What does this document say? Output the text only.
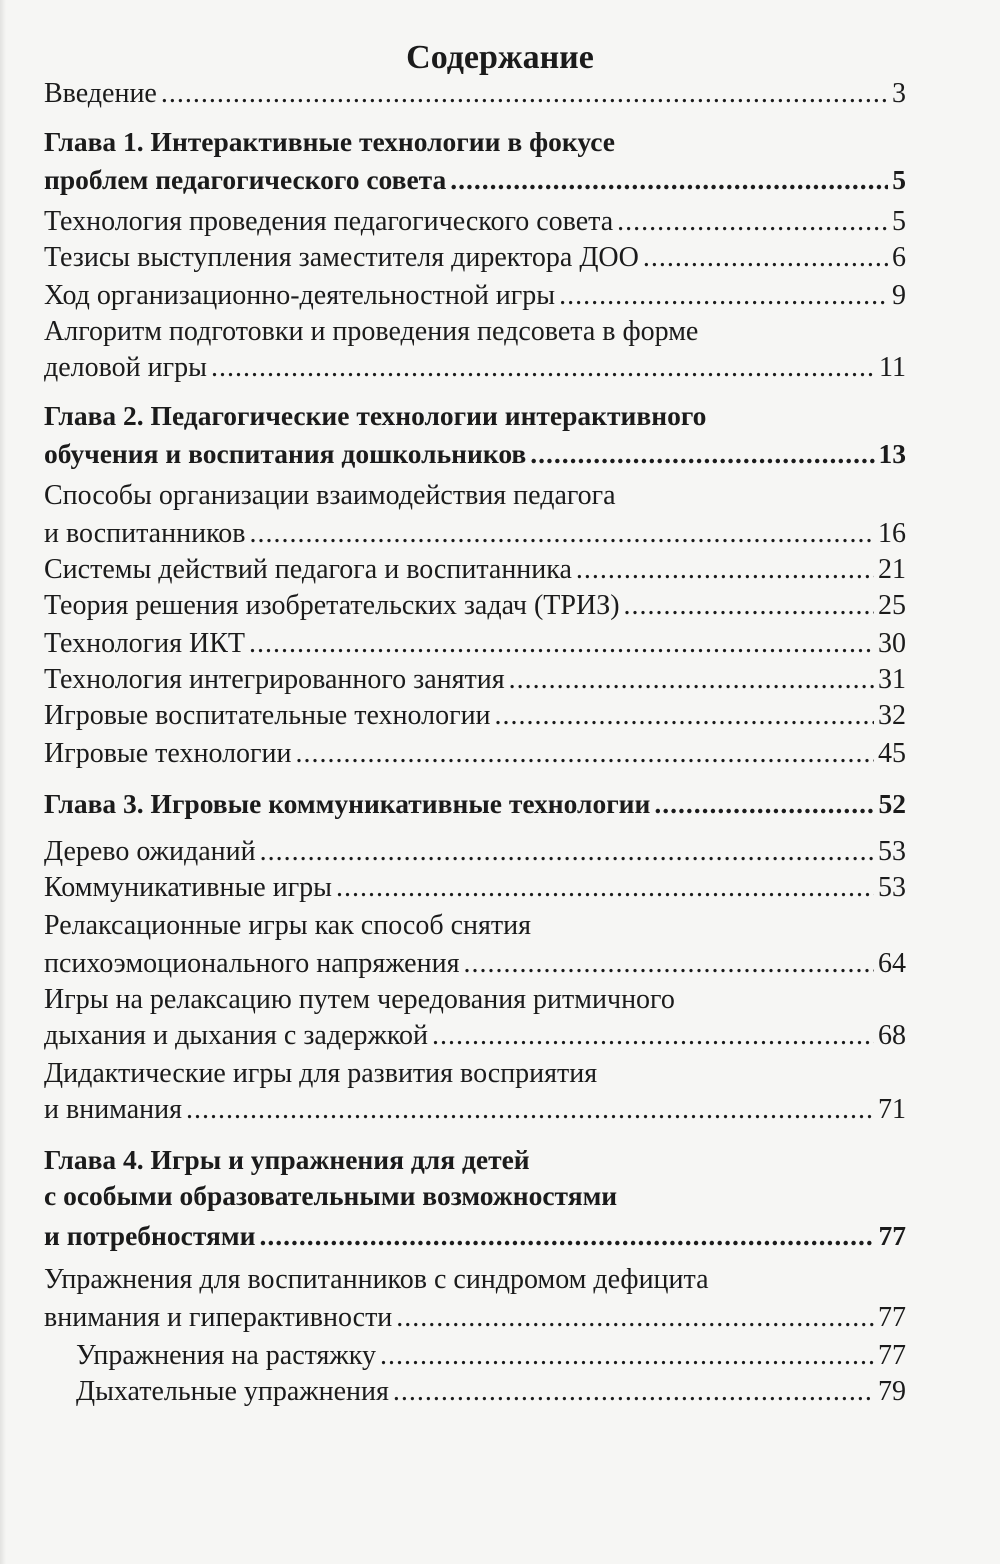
Содержание
Введение .....	3
Глава 1. Интерактивные технологии в фокусе
проблем педагогического совета .....	5
Технология проведения педагогического совета .....	5
Тезисы выступления заместителя директора ДОО .....	6
Ход организационно-деятельностной игры .....	9
Алгоритм подготовки и проведения педсовета в форме
деловой игры .....	11
Глава 2. Педагогические технологии интерактивного
обучения и воспитания дошкольников .....	13
Способы организации взаимодействия педагога
и воспитанников .....	16
Системы действий педагога и воспитанника .....	21
Теория решения изобретательских задач (ТРИЗ) .....	25
Технология ИКТ .....	30
Технология интегрированного занятия .....	31
Игровые воспитательные технологии .....	32
Игровые технологии .....	45
Глава 3. Игровые коммуникативные технологии .....	52
Дерево ожиданий .....	53
Коммуникативные игры .....	53
Релаксационные игры как способ снятия
психоэмоционального напряжения .....	64
Игры на релаксацию путем чередования ритмичного
дыхания и дыхания с задержкой .....	68
Дидактические игры для развития восприятия
и внимания .....	71
Глава 4. Игры и упражнения для детей
с особыми образовательными возможностями
и потребностями .....	77
Упражнения для воспитанников с синдромом дефицита
внимания и гиперактивности .....	77
Упражнения на растяжку .....	77
Дыхательные упражнения .....	79
